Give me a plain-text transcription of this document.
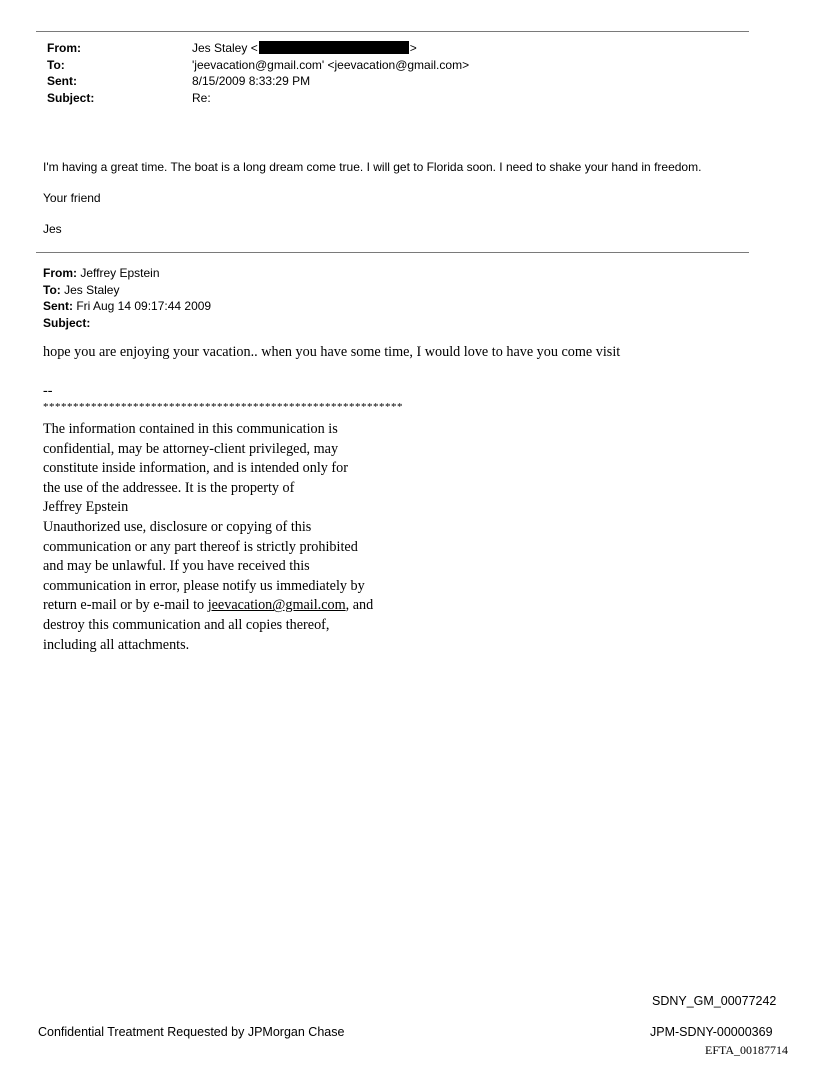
From:	Jes Staley <	>
To:	'jeevacation@gmail.com' <jeevacation@gmail.com>
Sent:	8/15/2009 8:33:29 PM
Subject:	Re:
I'm having a great time. The boat is a long dream come true. I will get to Florida soon. I need to shake your hand in freedom.
Your friend
Jes
From: Jeffrey Epstein
To: Jes Staley
Sent: Fri Aug 14 09:17:44 2009
Subject:
hope you are enjoying your vacation.. when you have some time, I would love to have you come visit
--
************************************************************
The information contained in this communication is
confidential, may be attorney-client privileged, may
constitute inside information, and is intended only for
the use of the addressee. It is the property of
Jeffrey Epstein
Unauthorized use, disclosure or copying of this
communication or any part thereof is strictly prohibited
and may be unlawful. If you have received this
communication in error, please notify us immediately by
return e-mail or by e-mail to jeevacation@gmail.com, and
destroy this communication and all copies thereof,
including all attachments.
SDNY_GM_00077242
Confidential Treatment Requested by JPMorgan Chase	JPM-SDNY-00000369
EFTA_00187714
